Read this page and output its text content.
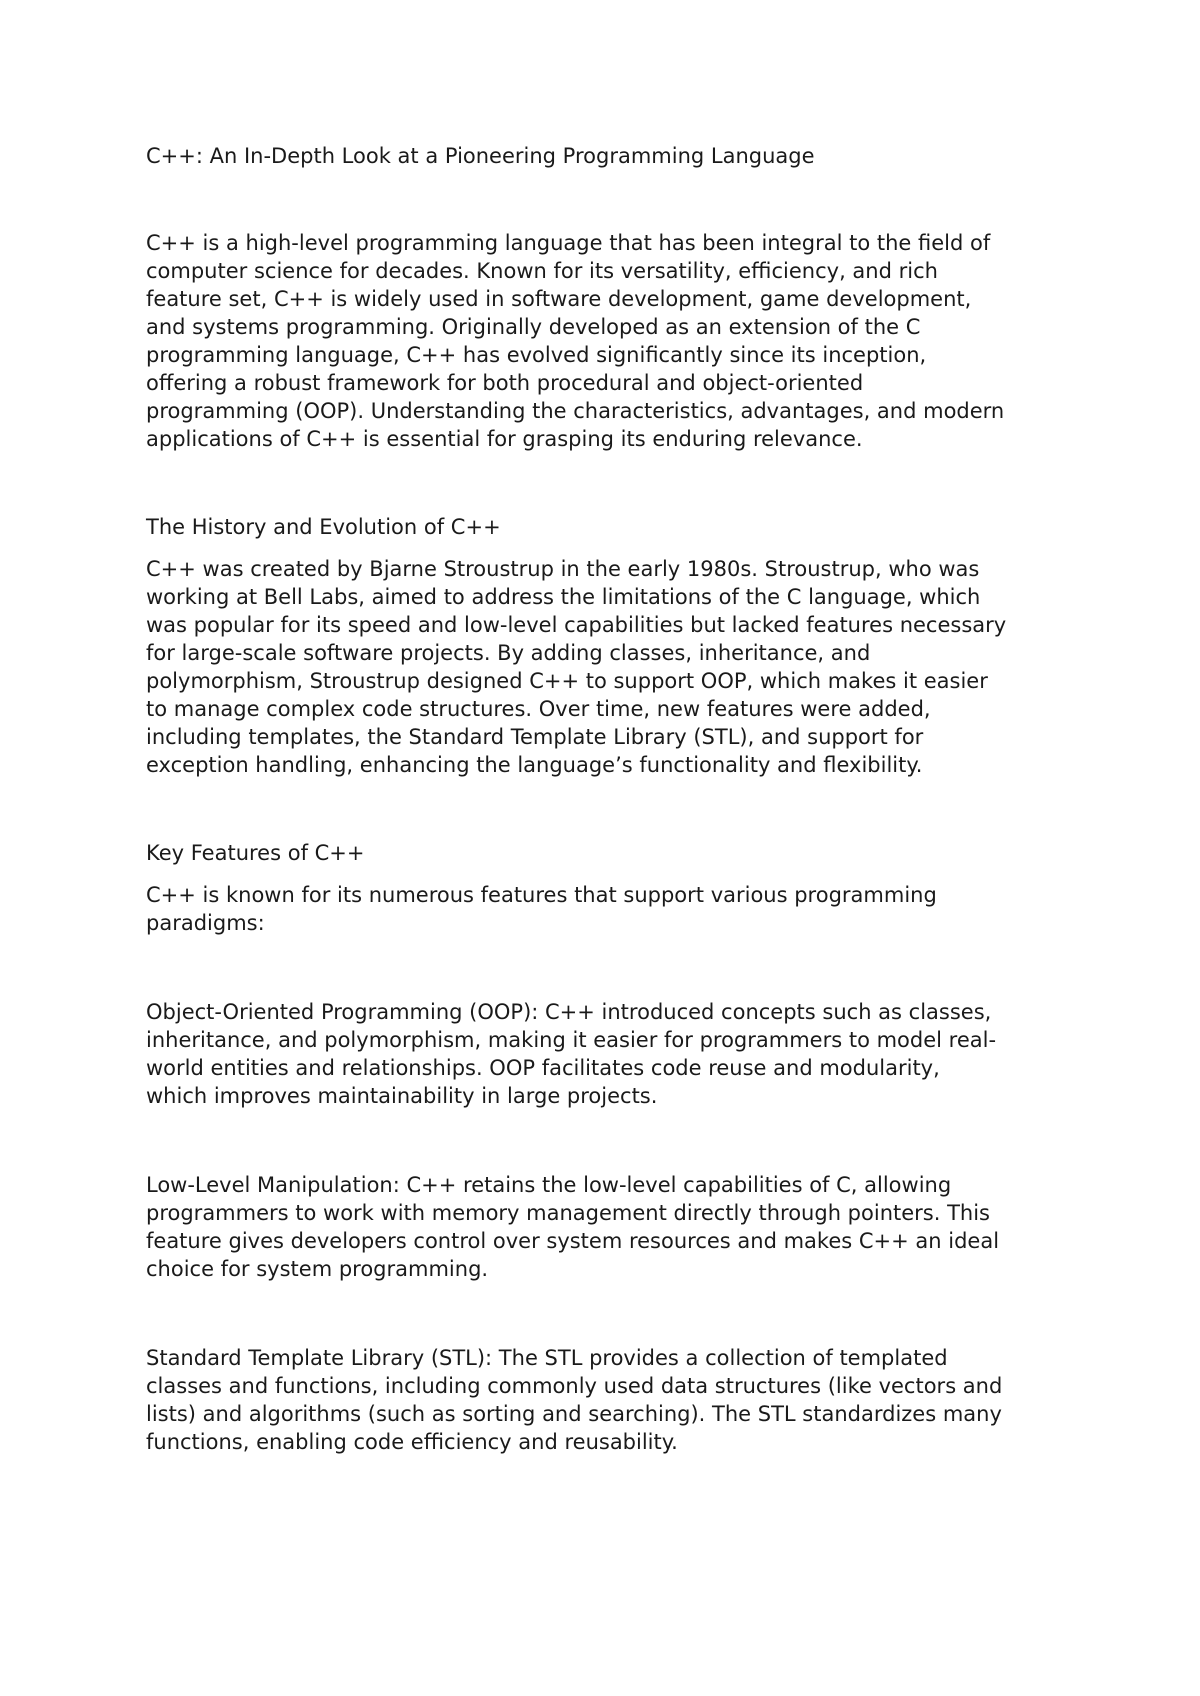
C++: An In-Depth Look at a Pioneering Programming Language

C++ is a high-level programming language that has been integral to the field of
computer science for decades. Known for its versatility, efficiency, and rich
feature set, C++ is widely used in software development, game development,
and systems programming. Originally developed as an extension of the C
programming language, C++ has evolved significantly since its inception,
offering a robust framework for both procedural and object-oriented
programming (OOP). Understanding the characteristics, advantages, and modern
applications of C++ is essential for grasping its enduring relevance.

The History and Evolution of C++

C++ was created by Bjarne Stroustrup in the early 1980s. Stroustrup, who was
working at Bell Labs, aimed to address the limitations of the C language, which
was popular for its speed and low-level capabilities but lacked features necessary
for large-scale software projects. By adding classes, inheritance, and
polymorphism, Stroustrup designed C++ to support OOP, which makes it easier
to manage complex code structures. Over time, new features were added,
including templates, the Standard Template Library (STL), and support for
exception handling, enhancing the language’s functionality and flexibility.

Key Features of C++

C++ is known for its numerous features that support various programming
paradigms:

Object-Oriented Programming (OOP): C++ introduced concepts such as classes,
inheritance, and polymorphism, making it easier for programmers to model real-
world entities and relationships. OOP facilitates code reuse and modularity,
which improves maintainability in large projects.

Low-Level Manipulation: C++ retains the low-level capabilities of C, allowing
programmers to work with memory management directly through pointers. This
feature gives developers control over system resources and makes C++ an ideal
choice for system programming.

Standard Template Library (STL): The STL provides a collection of templated
classes and functions, including commonly used data structures (like vectors and
lists) and algorithms (such as sorting and searching). The STL standardizes many
functions, enabling code efficiency and reusability.
